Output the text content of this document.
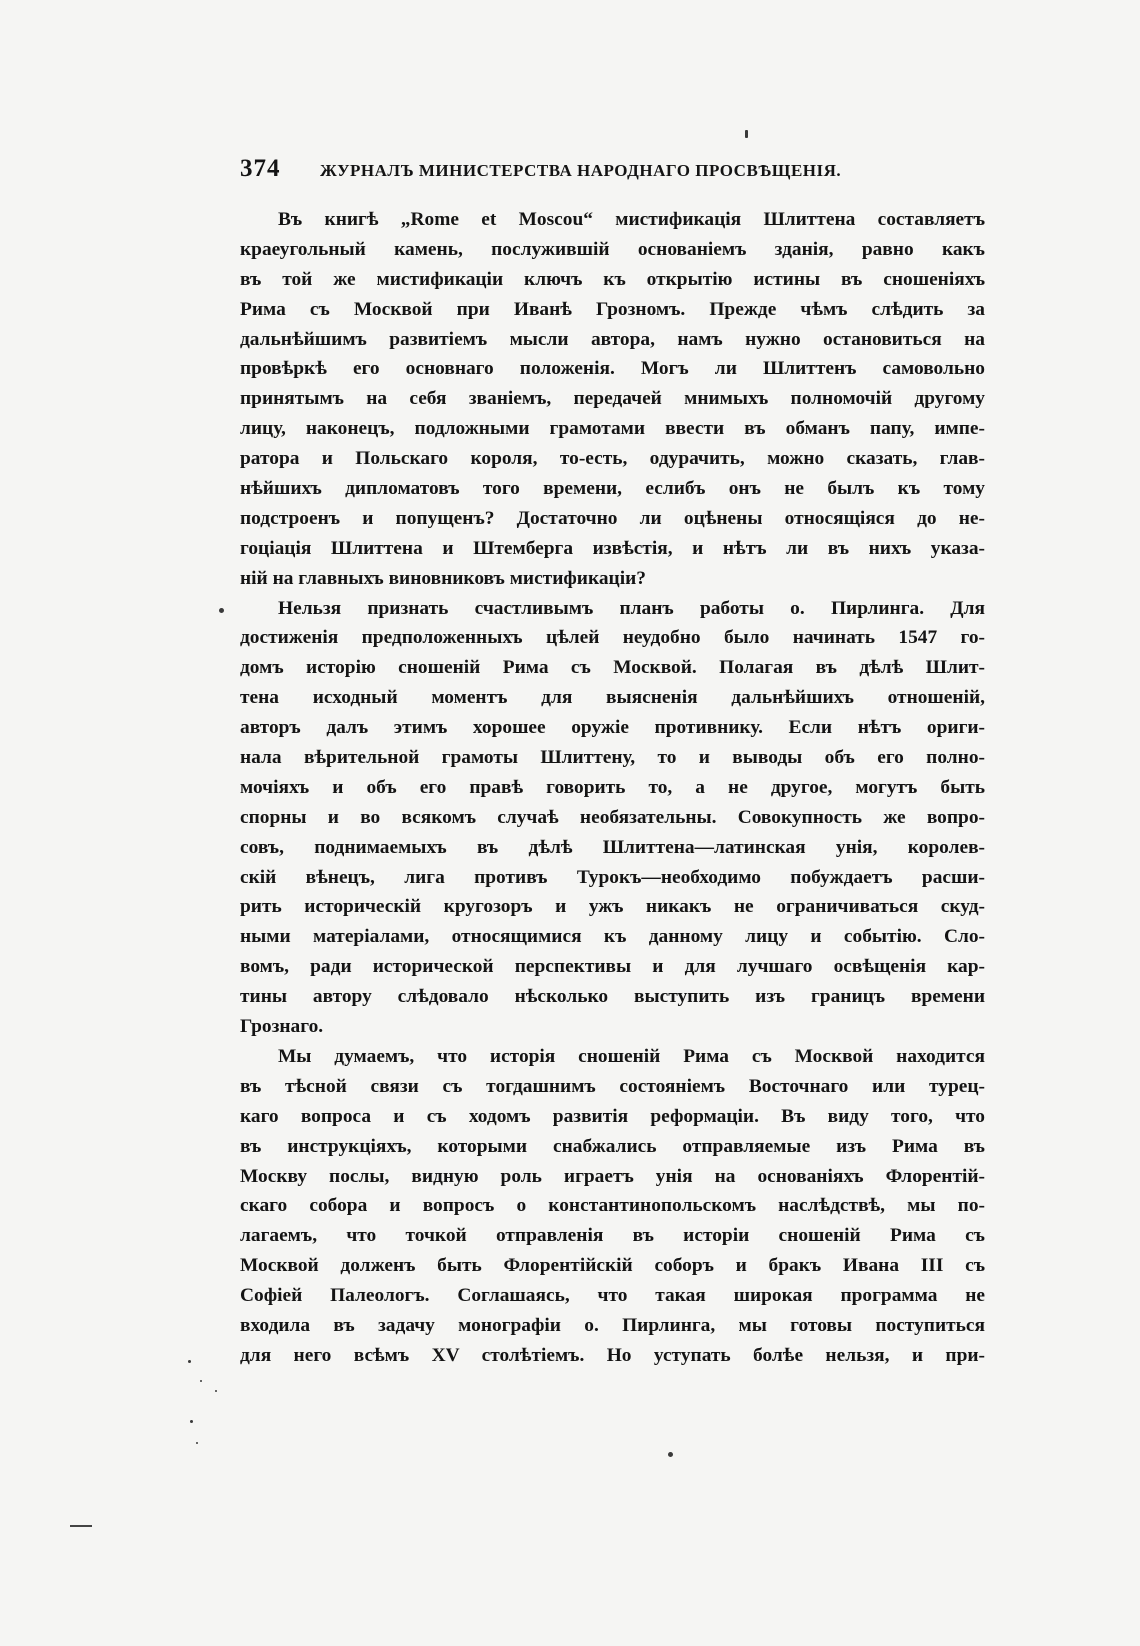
374	ЖУРНАЛЪ МИНИСТЕРСТВА НАРОДНАГО ПРОСВѢЩЕНІЯ.
Въ книгѣ „Rome et Moscou“ мистификація Шлиттена составляетъ
краеугольный камень, послужившій основаніемъ зданія, равно какъ
въ той же мистификаціи ключъ къ открытію истины въ сношеніяхъ
Рима съ Москвой при Иванѣ Грозномъ. Прежде чѣмъ слѣдить за
дальнѣйшимъ развитіемъ мысли автора, намъ нужно остановиться на
провѣркѣ его основнаго положенія. Могъ ли Шлиттенъ самовольно
принятымъ на себя званіемъ, передачей мнимыхъ полномочій другому
лицу, наконецъ, подложными грамотами ввести въ обманъ папу, импе-
ратора и Польскаго короля, то-есть, одурачить, можно сказать, глав-
нѣйшихъ дипломатовъ того времени, еслибъ онъ не былъ къ тому
подстроенъ и попущенъ? Достаточно ли оцѣнены относящіяся до не-
гоціація Шлиттена и Штемберга извѣстія, и нѣтъ ли въ нихъ указа-
ній на главныхъ виновниковъ мистификаціи?
Нельзя признать счастливымъ планъ работы о. Пирлинга. Для
достиженія предположенныхъ цѣлей неудобно было начинать 1547 го-
домъ исторію сношеній Рима съ Москвой. Полагая въ дѣлѣ Шлит-
тена исходный моментъ для выясненія дальнѣйшихъ отношеній,
авторъ далъ этимъ хорошее оружіе противнику. Если нѣтъ ориги-
нала вѣрительной грамоты Шлиттену, то и выводы объ его полно-
мочіяхъ и объ его правѣ говорить то, а не другое, могутъ быть
спорны и во всякомъ случаѣ необязательны. Совокупность же вопро-
совъ, поднимаемыхъ въ дѣлѣ Шлиттена—латинская унія, королев-
скій вѣнецъ, лига противъ Турокъ—необходимо побуждаетъ расши-
рить историческій кругозоръ и ужъ никакъ не ограничиваться скуд-
ными матеріалами, относящимися къ данному лицу и событію. Сло-
вомъ, ради исторической перспективы и для лучшаго освѣщенія кар-
тины автору слѣдовало нѣсколько выступить изъ границъ времени
Грознаго.
Мы думаемъ, что исторія сношеній Рима съ Москвой находится
въ тѣсной связи съ тогдашнимъ состояніемъ Восточнаго или турец-
каго вопроса и съ ходомъ развитія реформаціи. Въ виду того, что
въ инструкціяхъ, которыми снабжались отправляемые изъ Рима въ
Москву послы, видную роль играетъ унія на основаніяхъ Флорентій-
скаго собора и вопросъ о константинопольскомъ наслѣдствѣ, мы по-
лагаемъ, что точкой отправленія въ исторіи сношеній Рима съ
Москвой долженъ быть Флорентійскій соборъ и бракъ Ивана III съ
Софіей Палеологъ. Соглашаясь, что такая широкая программа не
входила въ задачу монографіи о. Пирлинга, мы готовы поступиться
для него всѣмъ XV столѣтіемъ. Но уступать болѣе нельзя, и при-
